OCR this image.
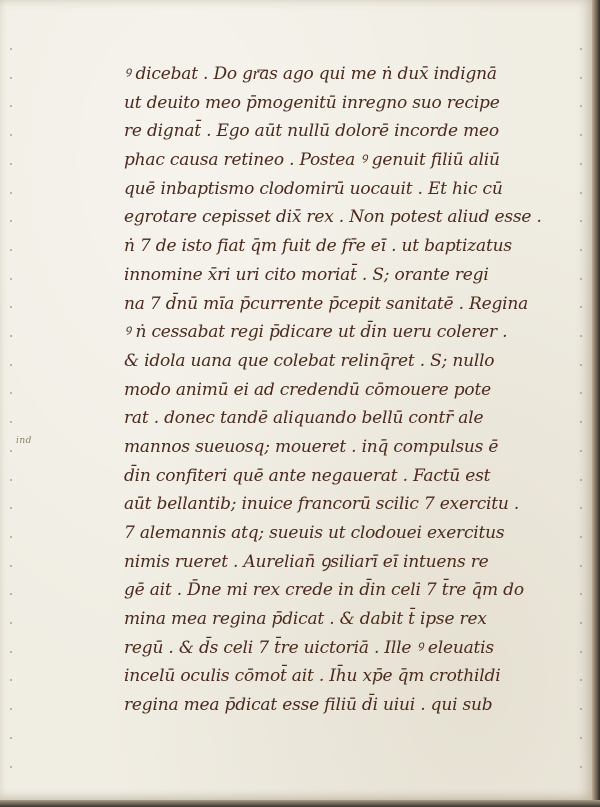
ind
ꝰ dicebat . Do gr͞as ago qui me ṅ dux̄ indignā
ut deuito meo p̄mogenitū inregno suo recipe
re dignat̄ . Ego aūt nullū dolorē incorde meo
phac causa retineo . Postea ꝰ genuit filiū aliū
quē inbaptismo clodomirū uocauit . Et hic cū
egrotare cepisset dix̄ rex . Non potest aliud esse .
ṅ 7 de isto fiat q̄m fuit de fr̄e eī . ut baptizatus
innomine x̄ri uri cito moriat̄ . S; orante regi
na 7 d̄nū mīa p̄currente p̄cepit sanitatē . Regina
ꝰ ṅ cessabat regi p̄dicare ut d̄in ueru colerer .
& idola uana que colebat relinq̄ret . S; nullo
modo animū ei ad credendū cōmouere pote
rat . donec tandē aliquando bellū contr̄ ale
mannos sueuosq; moueret . inq̄ compulsus ē
d̄in confiteri quē ante negauerat . Factū est
aūt bellantib; inuice francorū scilic 7 exercitu .
7 alemannis atq; sueuis ut clodouei exercitus
nimis rueret . Aurelian̄ ꝯsiliarī eī intuens re
gē ait . D̄ne mi rex crede in d̄in celi 7 t̄re q̄m do
mina mea regina p̄dicat . & dabit t̄ ipse rex
regū . & d̄s celi 7 t̄re uictoriā . Ille ꝰ eleuatis
incelū oculis cōmot̄ ait . Ih̄u xp̄e q̄m crothildi
regina mea p̄dicat esse filiū d̄i uiui . qui sub
